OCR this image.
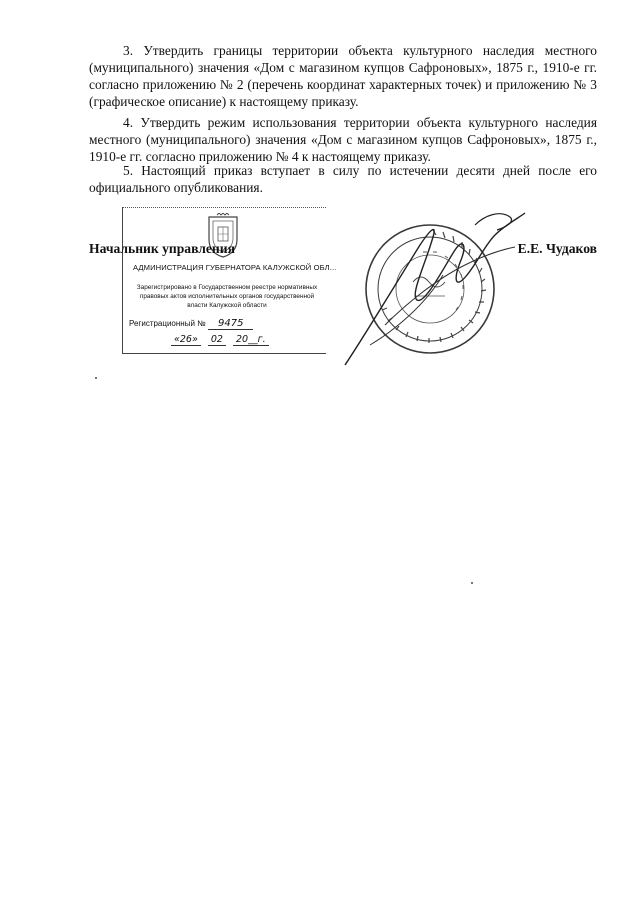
3. Утвердить границы территории объекта культурного наследия местного (муниципального) значения «Дом с магазином купцов Сафроновых», 1875 г., 1910-е гг. согласно приложению № 2 (перечень координат характерных точек) и приложению № 3 (графическое описание) к настоящему приказу.

4. Утвердить режим использования территории объекта культурного наследия местного (муниципального) значения «Дом с магазином купцов Сафроновых», 1875 г., 1910-е гг. согласно приложению № 4 к настоящему приказу.

5. Настоящий приказ вступает в силу по истечении десяти дней после его официального опубликования.

АДМИНИСТРАЦИЯ ГУБЕРНАТОРА КАЛУЖСКОЙ ОБЛ...
Зарегистрировано в Государственном реестре нормативных правовых актов исполнительных органов государственной власти Калужской области
Регистрационный № 9475
«26» 02 20__г.
Начальник управления	Е.Е. Чудаков
